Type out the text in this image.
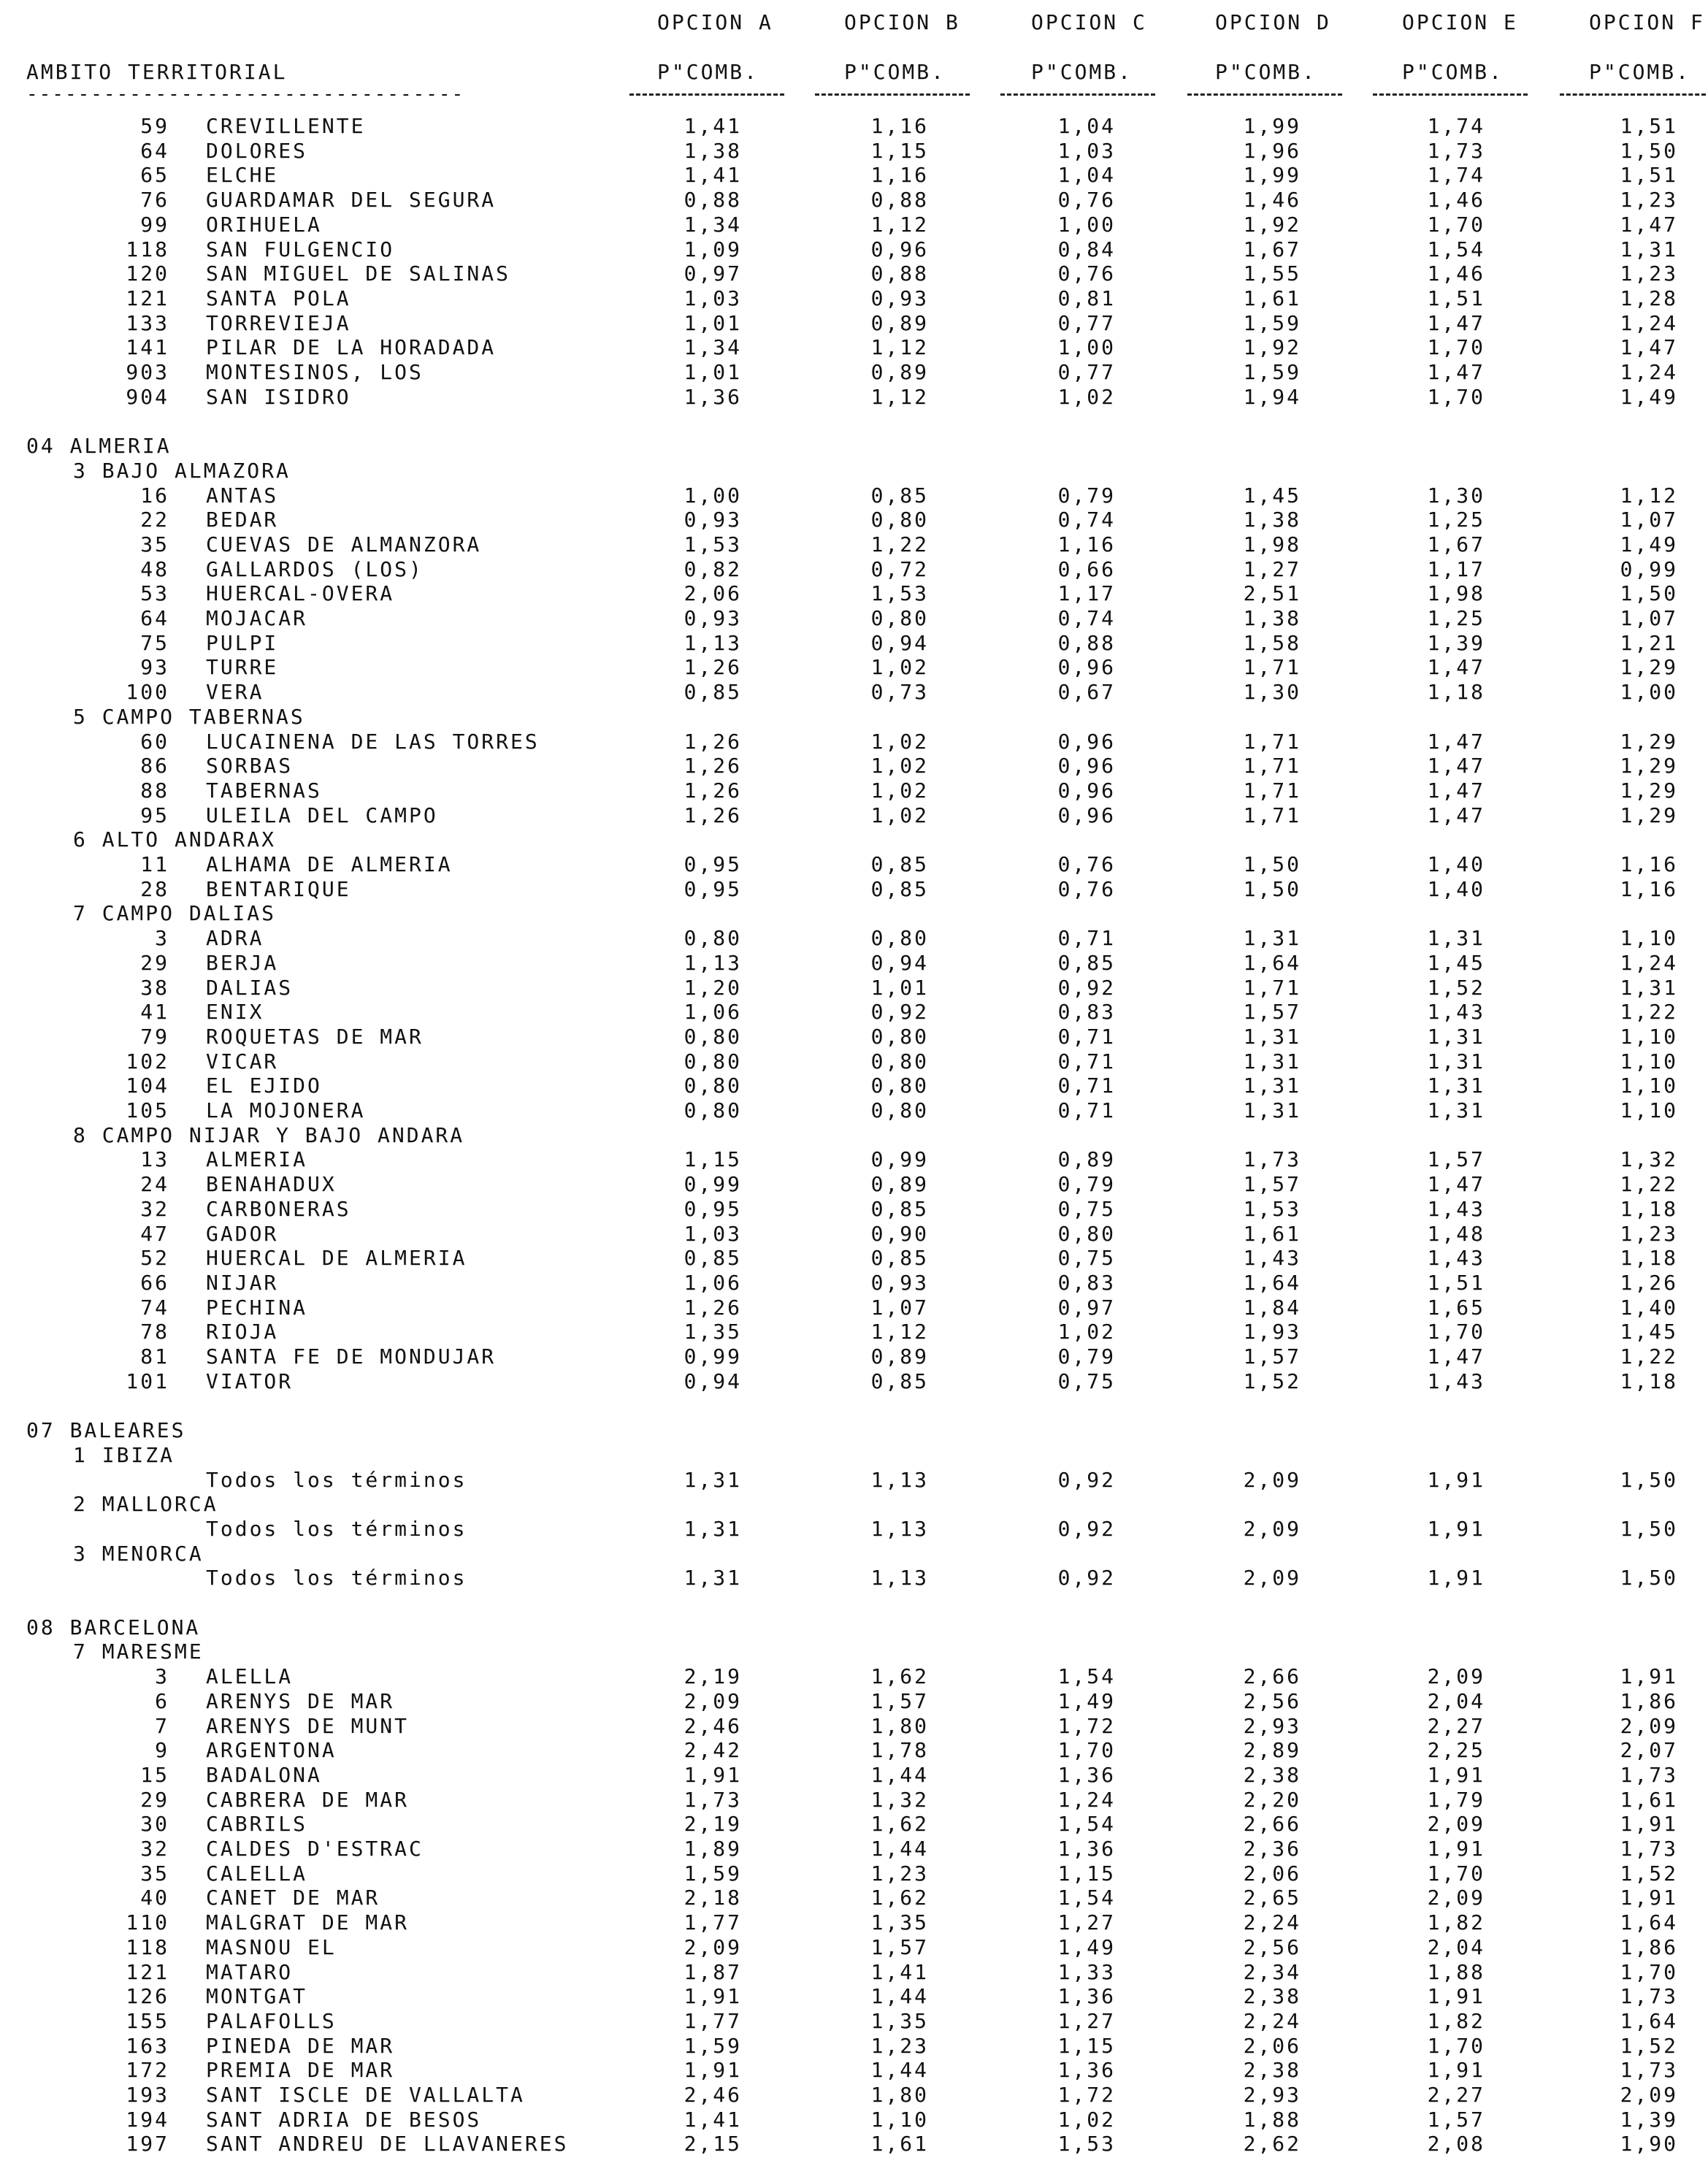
AMBITO TERRITORIAL
----------------------------------
OPCION A	OPCION B	OPCION C	OPCION D	OPCION E	OPCION F
P"COMB.	P"COMB.	P"COMB.	P"COMB.	P"COMB.	P"COMB.
59 CREVILLENTE	1,41	1,16	1,04	1,99	1,74	1,51
64 DOLORES	1,38	1,15	1,03	1,96	1,73	1,50
65 ELCHE	1,41	1,16	1,04	1,99	1,74	1,51
76 GUARDAMAR DEL SEGURA	0,88	0,88	0,76	1,46	1,46	1,23
99 ORIHUELA	1,34	1,12	1,00	1,92	1,70	1,47
118 SAN FULGENCIO	1,09	0,96	0,84	1,67	1,54	1,31
120 SAN MIGUEL DE SALINAS	0,97	0,88	0,76	1,55	1,46	1,23
121 SANTA POLA	1,03	0,93	0,81	1,61	1,51	1,28
133 TORREVIEJA	1,01	0,89	0,77	1,59	1,47	1,24
141 PILAR DE LA HORADADA	1,34	1,12	1,00	1,92	1,70	1,47
903 MONTESINOS, LOS	1,01	0,89	0,77	1,59	1,47	1,24
904 SAN ISIDRO	1,36	1,12	1,02	1,94	1,70	1,49
04 ALMERIA
3 BAJO ALMAZORA
16 ANTAS	1,00	0,85	0,79	1,45	1,30	1,12
22 BEDAR	0,93	0,80	0,74	1,38	1,25	1,07
35 CUEVAS DE ALMANZORA	1,53	1,22	1,16	1,98	1,67	1,49
48 GALLARDOS (LOS)	0,82	0,72	0,66	1,27	1,17	0,99
53 HUERCAL-OVERA	2,06	1,53	1,17	2,51	1,98	1,50
64 MOJACAR	0,93	0,80	0,74	1,38	1,25	1,07
75 PULPI	1,13	0,94	0,88	1,58	1,39	1,21
93 TURRE	1,26	1,02	0,96	1,71	1,47	1,29
100 VERA	0,85	0,73	0,67	1,30	1,18	1,00
5 CAMPO TABERNAS
60 LUCAINENA DE LAS TORRES	1,26	1,02	0,96	1,71	1,47	1,29
86 SORBAS	1,26	1,02	0,96	1,71	1,47	1,29
88 TABERNAS	1,26	1,02	0,96	1,71	1,47	1,29
95 ULEILA DEL CAMPO	1,26	1,02	0,96	1,71	1,47	1,29
6 ALTO ANDARAX
11 ALHAMA DE ALMERIA	0,95	0,85	0,76	1,50	1,40	1,16
28 BENTARIQUE	0,95	0,85	0,76	1,50	1,40	1,16
7 CAMPO DALIAS
3 ADRA	0,80	0,80	0,71	1,31	1,31	1,10
29 BERJA	1,13	0,94	0,85	1,64	1,45	1,24
38 DALIAS	1,20	1,01	0,92	1,71	1,52	1,31
41 ENIX	1,06	0,92	0,83	1,57	1,43	1,22
79 ROQUETAS DE MAR	0,80	0,80	0,71	1,31	1,31	1,10
102 VICAR	0,80	0,80	0,71	1,31	1,31	1,10
104 EL EJIDO	0,80	0,80	0,71	1,31	1,31	1,10
105 LA MOJONERA	0,80	0,80	0,71	1,31	1,31	1,10
8 CAMPO NIJAR Y BAJO ANDARA
13 ALMERIA	1,15	0,99	0,89	1,73	1,57	1,32
24 BENAHADUX	0,99	0,89	0,79	1,57	1,47	1,22
32 CARBONERAS	0,95	0,85	0,75	1,53	1,43	1,18
47 GADOR	1,03	0,90	0,80	1,61	1,48	1,23
52 HUERCAL DE ALMERIA	0,85	0,85	0,75	1,43	1,43	1,18
66 NIJAR	1,06	0,93	0,83	1,64	1,51	1,26
74 PECHINA	1,26	1,07	0,97	1,84	1,65	1,40
78 RIOJA	1,35	1,12	1,02	1,93	1,70	1,45
81 SANTA FE DE MONDUJAR	0,99	0,89	0,79	1,57	1,47	1,22
101 VIATOR	0,94	0,85	0,75	1,52	1,43	1,18
07 BALEARES
1 IBIZA
Todos los términos	1,31	1,13	0,92	2,09	1,91	1,50
2 MALLORCA
Todos los términos	1,31	1,13	0,92	2,09	1,91	1,50
3 MENORCA
Todos los términos	1,31	1,13	0,92	2,09	1,91	1,50
08 BARCELONA
7 MARESME
3 ALELLA	2,19	1,62	1,54	2,66	2,09	1,91
6 ARENYS DE MAR	2,09	1,57	1,49	2,56	2,04	1,86
7 ARENYS DE MUNT	2,46	1,80	1,72	2,93	2,27	2,09
9 ARGENTONA	2,42	1,78	1,70	2,89	2,25	2,07
15 BADALONA	1,91	1,44	1,36	2,38	1,91	1,73
29 CABRERA DE MAR	1,73	1,32	1,24	2,20	1,79	1,61
30 CABRILS	2,19	1,62	1,54	2,66	2,09	1,91
32 CALDES D'ESTRAC	1,89	1,44	1,36	2,36	1,91	1,73
35 CALELLA	1,59	1,23	1,15	2,06	1,70	1,52
40 CANET DE MAR	2,18	1,62	1,54	2,65	2,09	1,91
110 MALGRAT DE MAR	1,77	1,35	1,27	2,24	1,82	1,64
118 MASNOU EL	2,09	1,57	1,49	2,56	2,04	1,86
121 MATARO	1,87	1,41	1,33	2,34	1,88	1,70
126 MONTGAT	1,91	1,44	1,36	2,38	1,91	1,73
155 PALAFOLLS	1,77	1,35	1,27	2,24	1,82	1,64
163 PINEDA DE MAR	1,59	1,23	1,15	2,06	1,70	1,52
172 PREMIA DE MAR	1,91	1,44	1,36	2,38	1,91	1,73
193 SANT ISCLE DE VALLALTA	2,46	1,80	1,72	2,93	2,27	2,09
194 SANT ADRIA DE BESOS	1,41	1,10	1,02	1,88	1,57	1,39
197 SANT ANDREU DE LLAVANERES	2,15	1,61	1,53	2,62	2,08	1,90
